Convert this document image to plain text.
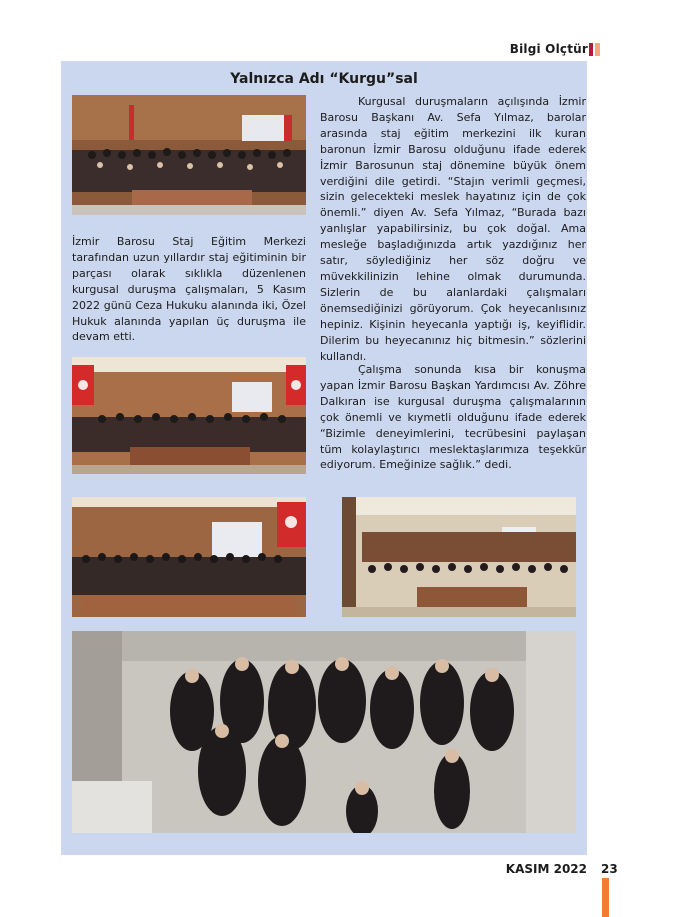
Bilgi Olçtür
Yalnızca Adı “Kurgu”sal

Kurgusal duruşmaların açılışında İzmir Barosu Başkanı Av. Sefa Yılmaz, barolar arasında staj eğitim merkezini ilk kuran baronun İzmir Barosu olduğunu ifade ederek İzmir Barosunun staj dönemine büyük önem verdiğini dile getirdi. “Stajın verimli geçmesi, sizin gelecekteki meslek hayatınız için de çok önemli.” diyen Av. Sefa Yılmaz, “Burada bazı yanlışlar yapabilirsiniz, bu çok doğal. Ama mesleğe başladığınızda artık yazdığınız her satır, söylediğiniz her söz doğru ve müvekkilinizin lehine olmak durumunda. Sizlerin de bu alanlardaki çalışmaları önemsediğinizi görüyorum. Çok heyecanlısınız hepiniz. Kişinin heyecanla yaptığı iş, keyiflidir. Dilerim bu heyecanınız hiç bitmesin.” sözlerini kullandı.

İzmir Barosu Staj Eğitim Merkezi tarafından uzun yıllardır staj eğitiminin bir parçası olarak sıklıkla düzenlenen kurgusal duruşma çalışmaları, 5 Kasım 2022 günü Ceza Hukuku alanında iki, Özel Hukuk alanında yapılan üç duruşma ile devam etti.

Çalışma sonunda kısa bir konuşma yapan İzmir Barosu Başkan Yardımcısı Av. Zöhre Dalkıran ise kurgusal duruşma çalışmalarının çok önemli ve kıymetli olduğunu ifade ederek “Bizimle deneyimlerini, tecrübesini paylaşan tüm kolaylaştırıcı meslektaşlarımıza teşekkür ediyorum. Emeğinize sağlık.” dedi.

KASIM 2022 23
